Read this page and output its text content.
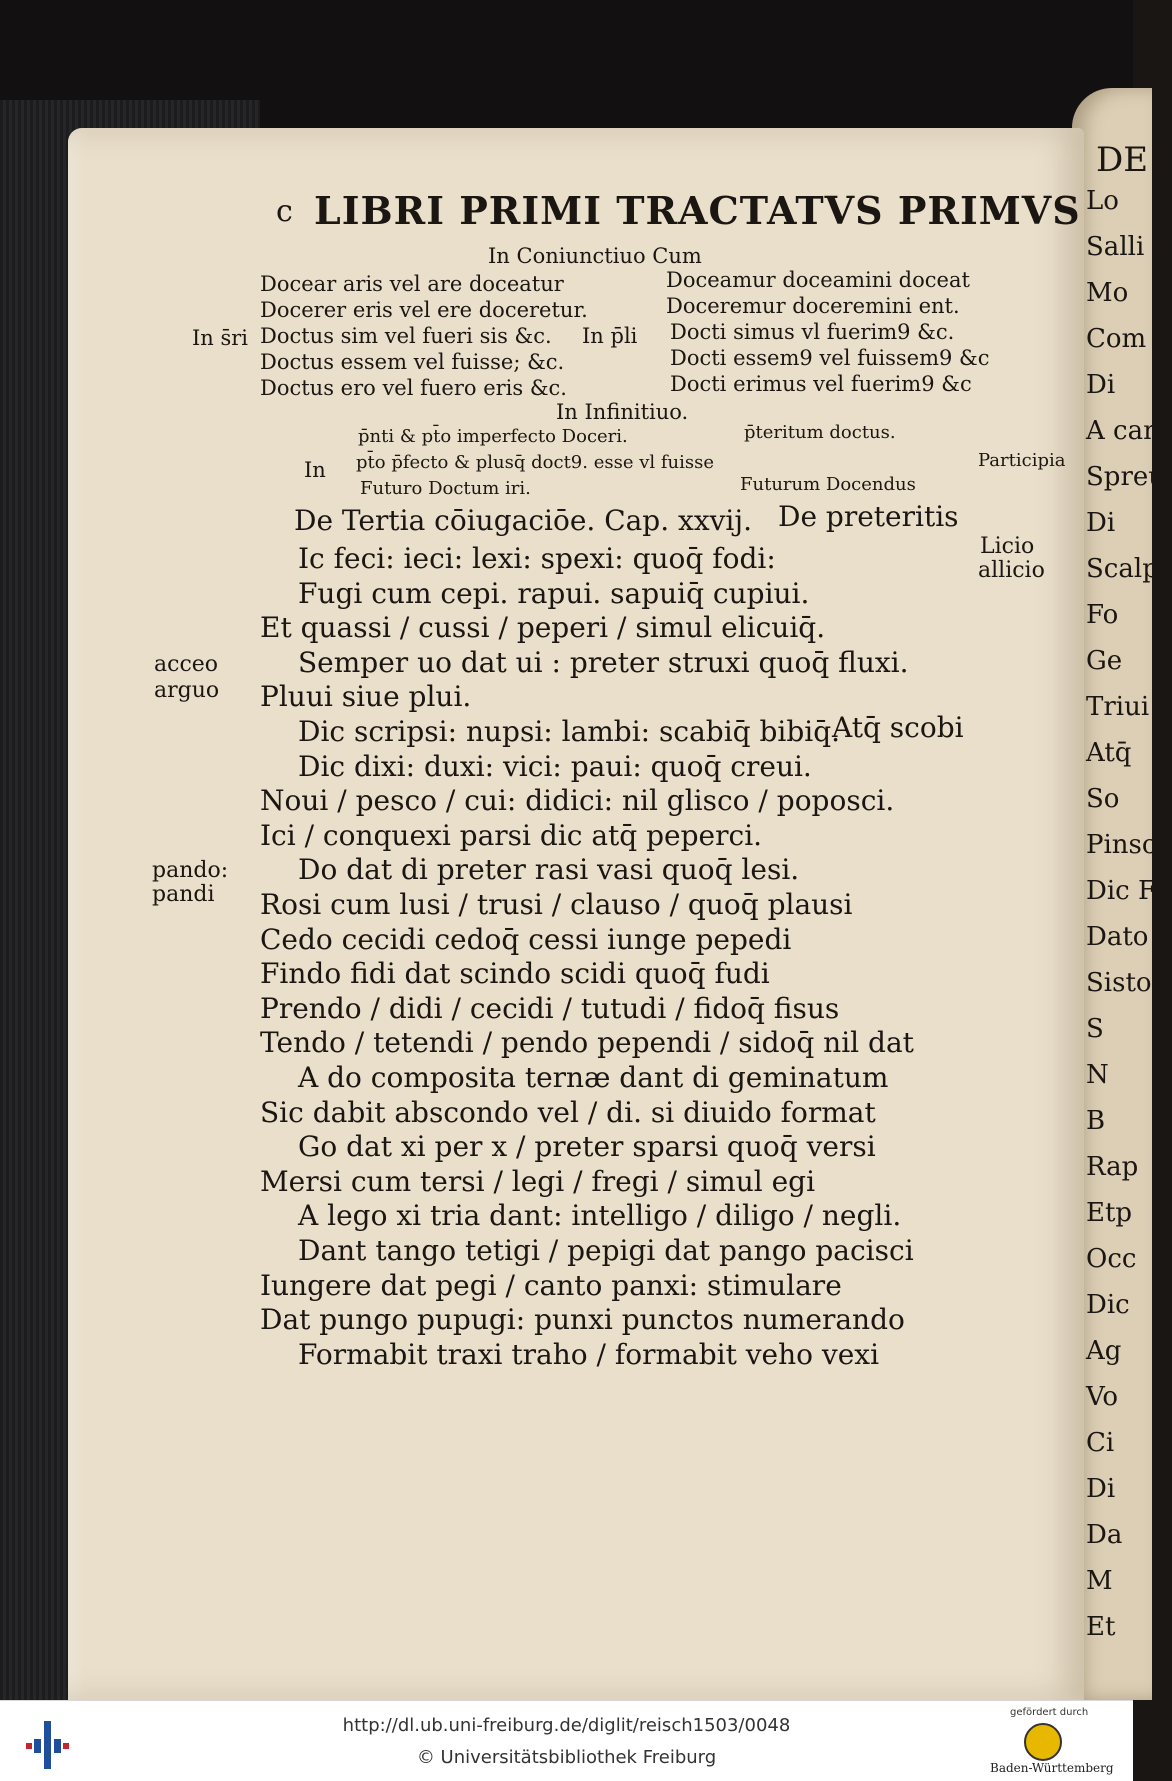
DE I
Lo
Salli c
Mo
Com
Di
A can
Spreu
Di
Scalp
Fo
Ge
Triui
Atq̄
So
Pinsc
Dic F
Dato
Sisto
S
N
B
Rap
Etp
Occ
Dic
Ag
Vo
Ci
Di
Da
M
Et
c LIBRI PRIMI TRACTATVS PRIMVS
In Coniunctiuo Cum
Docear aris vel are doceatur
Docerer eris vel ere doceretur.
Doctus sim vel fueri sis &c.
Doctus essem vel fuisse; &c.
Doctus ero vel fuero eris &c.
In s̄ri	In p̄li
Doceamur doceamini doceat
Doceremur doceremini ent.
Docti simus vl fuerim9 &c.
Docti essem9 vel fuissem9 &c
Docti erimus vel fuerim9 &c
In Infinitiuo.
p̄nti & pt̄o imperfecto Doceri.
In pt̄o p̄fecto & plusq̄ doct9. esse vl fuisse
Futuro Doctum iri.
p̄teritum doctus.
Futurum Docendus
Participia
De Tertia cōiugaciōe. Cap. xxvij. De preteritis
Ic feci: ieci: lexi: spexi: quoq̄ fodi:
Fugi cum cepi. rapui. sapuiq̄ cupiui.
Et quassi / cussi / peperi / simul elicuiq̄.
Semper uo dat ui : preter struxi quoq̄ fluxi.
Pluui siue plui.
Dic scripsi: nupsi: lambi: scabiq̄ bibiq̄.
Atq̄ scobi
Dic dixi: duxi: vici: paui: quoq̄ creui.
Noui / pesco / cui: didici: nil glisco / poposci.
Ici / conquexi parsi dic atq̄ peperci.
Do dat di preter rasi vasi quoq̄ lesi.
Rosi cum lusi / trusi / clauso / quoq̄ plausi
Cedo cecidi cedoq̄ cessi iunge pepedi
Findo fidi dat scindo scidi quoq̄ fudi
Prendo / didi / cecidi / tutudi / fidoq̄ fisus
Tendo / tetendi / pendo pependi / sidoq̄ nil dat
A do composita ternæ dant di geminatum
Sic dabit abscondo vel / di. si diuido format
Go dat xi per x / preter sparsi quoq̄ versi
Mersi cum tersi / legi / fregi / simul egi
A lego xi tria dant: intelligo / diligo / negli.
Dant tango tetigi / pepigi dat pango pacisci
Iungere dat pegi / canto panxi: stimulare
Dat pungo pupugi: punxi punctos numerando
Formabit traxi traho / formabit veho vexi
acceo
arguo
pando:
pandi
Licio
allicio
http://dl.ub.uni-freiburg.de/diglit/reisch1503/0048
© Universitätsbibliothek Freiburg
gefördert durch
Baden-Württemberg
